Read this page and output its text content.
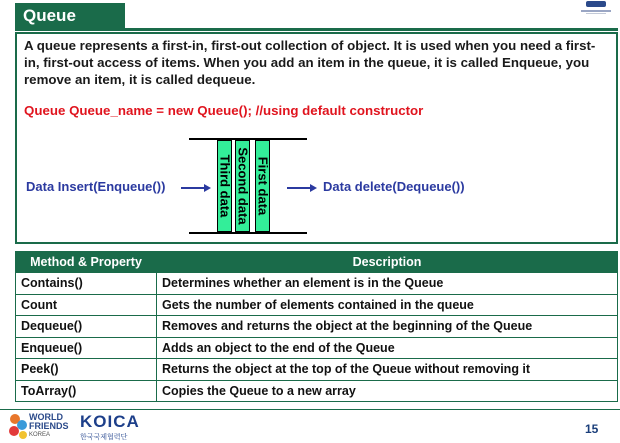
Queue

A queue represents a first-in, first-out collection of object. It is used when you need a first-in, first-out access of items. When you add an item in the queue, it is called Enqueue, you remove an item, it is called dequeue.

Queue Queue_name = new Queue(); //using default constructor
Third data Second data First data
Data Insert(Enqueue())	Data delete(Dequeue())
Method & Property	Description
Contains()	Determines whether an element is in the Queue
Count	Gets the number of elements contained in the queue
Dequeue()	Removes and returns the object at the beginning of the Queue
Enqueue()	Adds an object to the end of the Queue
Peek()	Returns the object at the top of the Queue without removing it
ToArray()	Copies the Queue to a new array
WORLD
FRIENDS
KOREA
KOICA
한국국제협력단
15
